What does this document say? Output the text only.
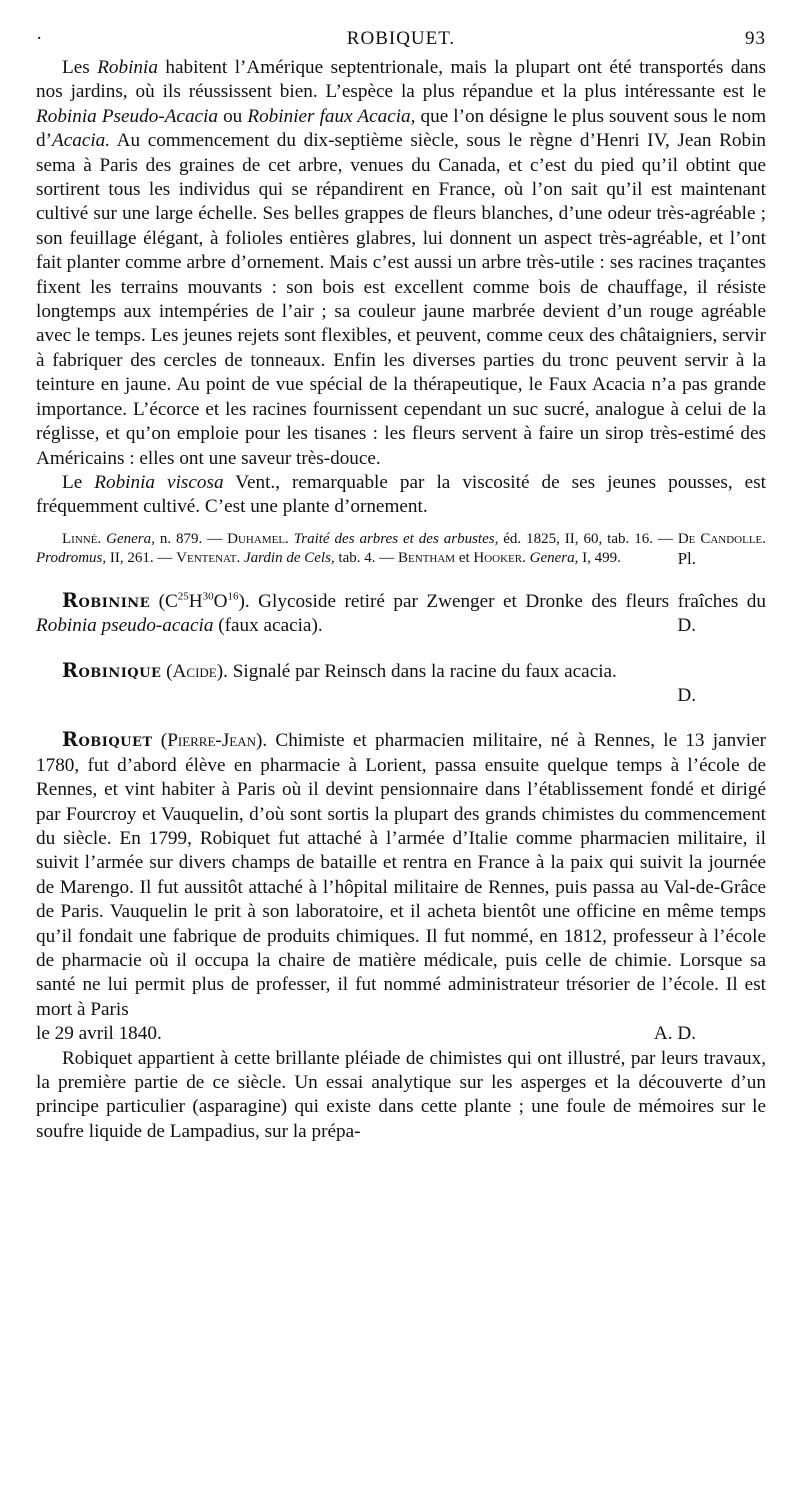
·	ROBIQUET.	93

Les Robinia habitent l’Amérique septentrionale, mais la plupart ont été transportés dans nos jardins, où ils réussissent bien. L’espèce la plus répandue et la plus intéressante est le Robinia Pseudo-Acacia ou Robinier faux Acacia, que l’on désigne le plus souvent sous le nom d’Acacia. Au commencement du dix-septième siècle, sous le règne d’Henri IV, Jean Robin sema à Paris des graines de cet arbre, venues du Canada, et c’est du pied qu’il obtint que sortirent tous les individus qui se répandirent en France, où l’on sait qu’il est maintenant cultivé sur une large échelle. Ses belles grappes de fleurs blanches, d’une odeur très-agréable ; son feuillage élégant, à folioles entières glabres, lui donnent un aspect très-agréable, et l’ont fait planter comme arbre d’ornement. Mais c’est aussi un arbre très-utile : ses racines traçantes fixent les terrains mouvants : son bois est excellent comme bois de chauffage, il résiste longtemps aux intempéries de l’air ; sa couleur jaune marbrée devient d’un rouge agréable avec le temps. Les jeunes rejets sont flexibles, et peuvent, comme ceux des châtaigniers, servir à fabriquer des cercles de tonneaux. Enfin les diverses parties du tronc peuvent servir à la teinture en jaune. Au point de vue spécial de la thérapeutique, le Faux Acacia n’a pas grande importance. L’écorce et les racines fournissent cependant un suc sucré, analogue à celui de la réglisse, et qu’on emploie pour les tisanes : les fleurs servent à faire un sirop très-estimé des Américains : elles ont une saveur très-douce.

Le Robinia viscosa Vent., remarquable par la viscosité de ses jeunes pousses, est fréquemment cultivé. C’est une plante d’ornement.

Linné. Genera, n. 879. — Duhamel. Traité des arbres et des arbustes, éd. 1825, II, 60, tab. 16. — De Candolle. Prodromus, II, 261. — Ventenat. Jardin de Cels, tab. 4. — Bentham et Hooker. Genera, I, 499.	Pl.

Robinine $(C^{25}H^{30}O^{16})$. Glycoside retiré par Zwenger et Dronke des fleurs fraîches du Robinia pseudo-acacia (faux acacia).	D.

Robinique (Acide). Signalé par Reinsch dans la racine du faux acacia.

D.

Robiquet (Pierre-Jean). Chimiste et pharmacien militaire, né à Rennes, le 13 janvier 1780, fut d’abord élève en pharmacie à Lorient, passa ensuite quelque temps à l’école de Rennes, et vint habiter à Paris où il devint pensionnaire dans l’établissement fondé et dirigé par Fourcroy et Vauquelin, d’où sont sortis la plupart des grands chimistes du commencement du siècle. En 1799, Robiquet fut attaché à l’armée d’Italie comme pharmacien militaire, il suivit l’armée sur divers champs de bataille et rentra en France à la paix qui suivit la journée de Marengo. Il fut aussitôt attaché à l’hôpital militaire de Rennes, puis passa au Val-de-Grâce de Paris. Vauquelin le prit à son laboratoire, et il acheta bientôt une officine en même temps qu’il fondait une fabrique de produits chimiques. Il fut nommé, en 1812, professeur à l’école de pharmacie où il occupa la chaire de matière médicale, puis celle de chimie. Lorsque sa santé ne lui permit plus de professer, il fut nommé administrateur trésorier de l’école. Il est mort à Paris

le 29 avril 1840.	A. D.

Robiquet appartient à cette brillante pléiade de chimistes qui ont illustré, par leurs travaux, la première partie de ce siècle. Un essai analytique sur les asperges et la découverte d’un principe particulier (asparagine) qui existe dans cette plante ; une foule de mémoires sur le soufre liquide de Lampadius, sur la prépa-
